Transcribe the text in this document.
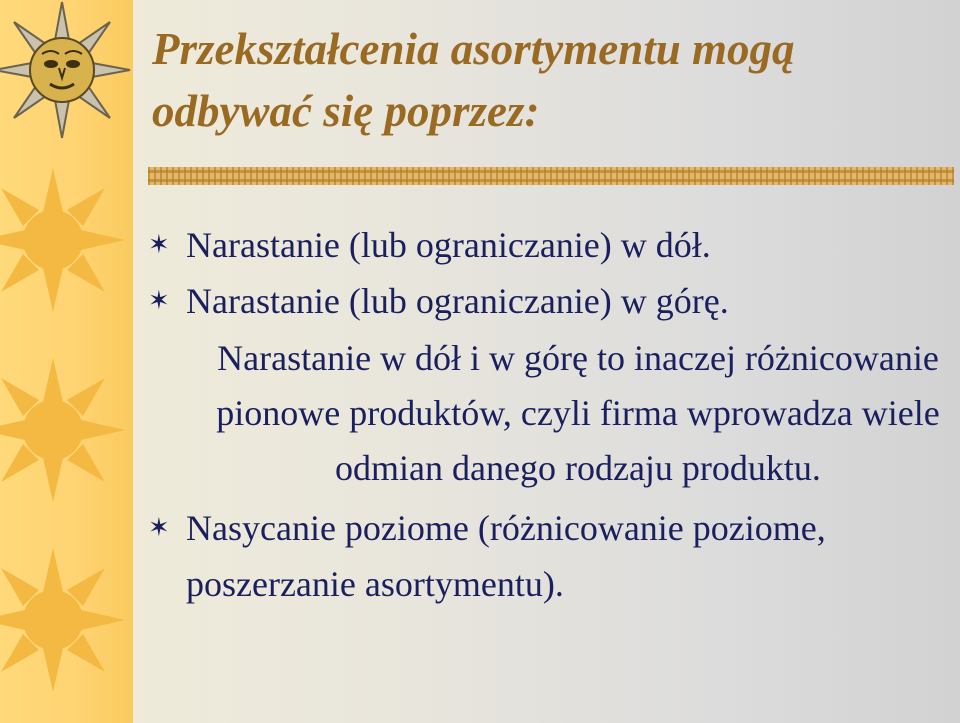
Przekształcenia asortymentu mogą odbywać się poprzez:
✶ Narastanie (lub ograniczanie) w dół.
✶ Narastanie (lub ograniczanie) w górę.
Narastanie w dół i w górę to inaczej różnicowanie pionowe produktów, czyli firma wprowadza wiele odmian danego rodzaju produktu.
✶ Nasycanie poziome (różnicowanie poziome, poszerzanie asortymentu).
